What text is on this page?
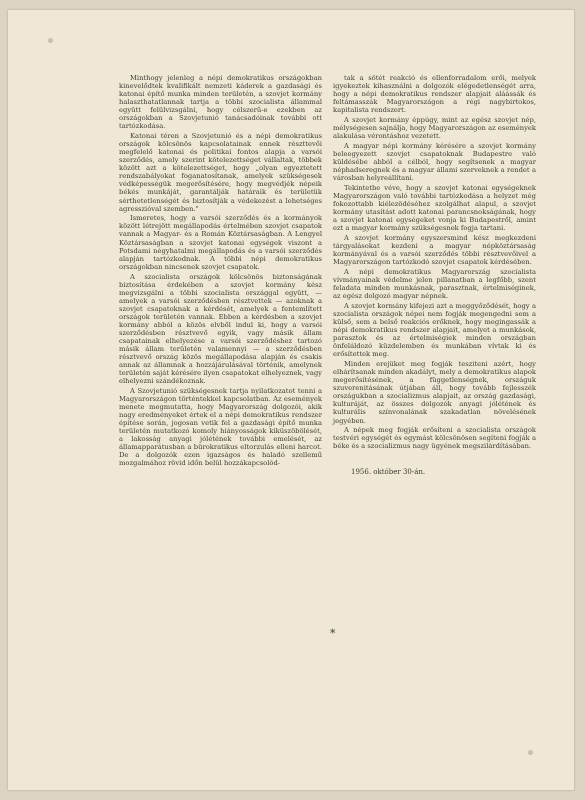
Minthogy jelenleg a népi demokratikus országokban kinevelődtek kvalifikált nemzeti káderek a gazdasági és katonai építő munka minden területén, a szovjet kormány halaszthatatlannak tartja a többi szocialista állammal együtt felülvizsgálni, hogy célszerű-e ezekben az országokban a Szovjetunió tanácsadóinak további ott tartózkodása.

Katonai téren a Szovjetunió és a népi demokratikus országok kölcsönös kapcsolatainak ennek részttevői megfelelő katonai és politikai fontos alapja a varsói szerződés, amely szerint kötelezettséget vállaltak, többek között azt a kötelezettséget, hogy „olyan egyeztetett rendszabályokat foganatosítanak, amelyek szükségesek védképességük megerősítésére, hogy megvédjék népeik békés munkáját, garantálják határaik és területük sérthetetlenségét és biztosítják a védekezést a lehetséges agresszióval szemben."

Ismeretes, hogy a varsói szerződés és a kormányok között létrejött megállapodás értelmében szovjet csapatok vannak a Magyar- és a Román Köztársaságban. A Lengyel Köztársaságban a szovjet katonai egységek viszont a Potsdami négyhatalmi megállapodás és a varsói szerződés alapján tartózkodnak. A többi népi demokratikus országokban nincsenek szovjet csapatok.

A szocialista országok kölcsönös biztonságának biztosítása érdekében a szovjet kormány kész megvizsgálni a többi szocialista országgal együtt, — amelyek a varsói szerződésben résztvettek — azoknak a szovjet csapatoknak a kérdését, amelyek a fentemlített országok területén vannak. Ebben a kérdésben a szovjet kormány abból a közös elvből indul ki, hogy a varsói szerződésben résztvevő egyik, vagy másik állam csapatainak elhelyezése a varsói szerződéshez tartozó másik állam területén valamennyi — a szerződésben résztvevő ország közös megállapodása alapján és csakis annak az államnak a hozzájárulásával történik, amelynek területén saját kérésére ilyen csapatokat elhelyeznek, vagy elhelyezni szándékoznak.

A Szovjetunió szükségesnek tartja nyilatkozatot tenni a Magyarországon történtekkel kapcsolatban. Az események menete megmutatta, hogy Magyarország dolgozói, akik nagy eredményeket értek el a népi demokratikus rendszer építése során, jogosan vetik fel a gazdasági építő munka területén mutatkozó komoly hiányosságok kiküszöbölését, a lakosság anyagi jólétének további emelését, az államapparátusban a bürokratikus eltorzulás elleni harcot. De a dolgozók ezen igazságos és haladó szellemű mozgalmához rövid időn belül hozzákapcsolód-

tak a sötét reakció és ellenforradalom erői, melyek igyekeztek kihasználni a dolgozók elégedetlenségét arra, hogy a népi demokratikus rendszer alapjait aláássák és feltámasszák Magyarországon a régi nagybirtokos, kapitalista rendszert.

A szovjet kormány éppúgy, mint az egész szovjet nép, mélységesen sajnálja, hogy Magyarországon az események alakulása vérontáshoz vezetett.

A magyar népi kormány kérésére a szovjet kormány beleegyezett szovjet csapatoknak Budapestre való küldésébe abból a célból, hogy segítsenek a magyar néphadseregnek és a magyar állami szerveknek a rendet a városban helyreállítani.

Tekintetbe véve, hogy a szovjet katonai egységeknek Magyarországon való további tartózkodása a helyzet még fokozottabb kiélezödéséhez szolgálhat alapul, a szovjet kormány utasítást adott katonai parancsnokságának, hogy a szovjet katonai egységeket vonja ki Budapestről, amint ezt a magyar kormány szükségesnek fogja tartani.

A szovjet kormány egyszersmind kész megkezdeni tárgyalásokat kezdeni a magyar népköztársaság kormányával és a varsói szerződés többi résztvevőivel a Magyarországon tartózkodó szovjet csapatok kérdésében.

A népi demokratikus Magyarország szocialista vívmányainak védelme jelen pillanatban a legfőbb, szent feladata minden munkásnak, parasztnak, értelmiséginek, az egész dolgozó magyar népnek.

A szovjet kormány kifejezi azt a meggyőződését, hogy a szocialista országok népei nem fogják megengedni sem a külső, sem a belső reakciós erőknek, hogy megingassák a népi demokratikus rendszer alapjait, amelyet a munkások, parasztok és az értelmiségiek minden országban önfeláldozó küzdelemben és munkában vívtak ki és erősítettek meg.

Minden erejüket meg fogják tesziteni azért, hogy elhárítsanak minden akadályt, mely a demokratikus alapok megerősítésének, a függetlenségnek, országuk szuverenitásának útjában áll, hogy tovább fejlesszék országukban a szocializmus alapjait, az ország gazdasági, kulturáját, az összes dolgozók anyagi jólétének és kulturális színvonalának szakadatlan növelésének jegyében.

A népek meg fogják erősíteni a szocialista országok testvéri egységét és egymást kölcsönösen segíteni fogják a béke és a szocializmus nagy ügyének megszilárdításában.

1956. október 30-án.
*
